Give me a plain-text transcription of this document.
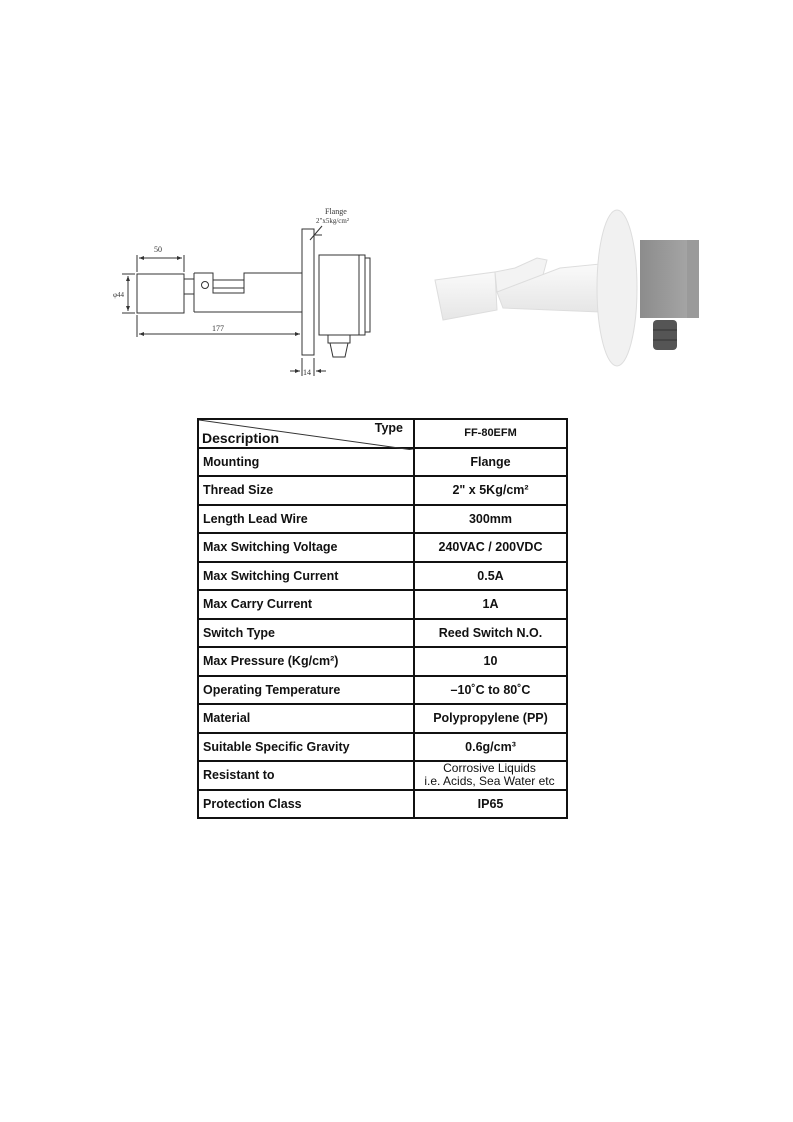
Flange
2"x5kg/cm²
50
φ44
177
14
Type
Description	FF-80EFM
Mounting	Flange
Thread Size	2" x 5Kg/cm²
Length Lead Wire	300mm
Max Switching Voltage	240VAC / 200VDC
Max Switching Current	0.5A
Max Carry Current	1A
Switch Type	Reed Switch N.O.
Max Pressure (Kg/cm²)	10
Operating Temperature	–10˚C to 80˚C
Material	Polypropylene (PP)
Suitable Specific Gravity	0.6g/cm³
Resistant to	Corrosive Liquids
i.e. Acids, Sea Water etc

Protection Class	IP65
